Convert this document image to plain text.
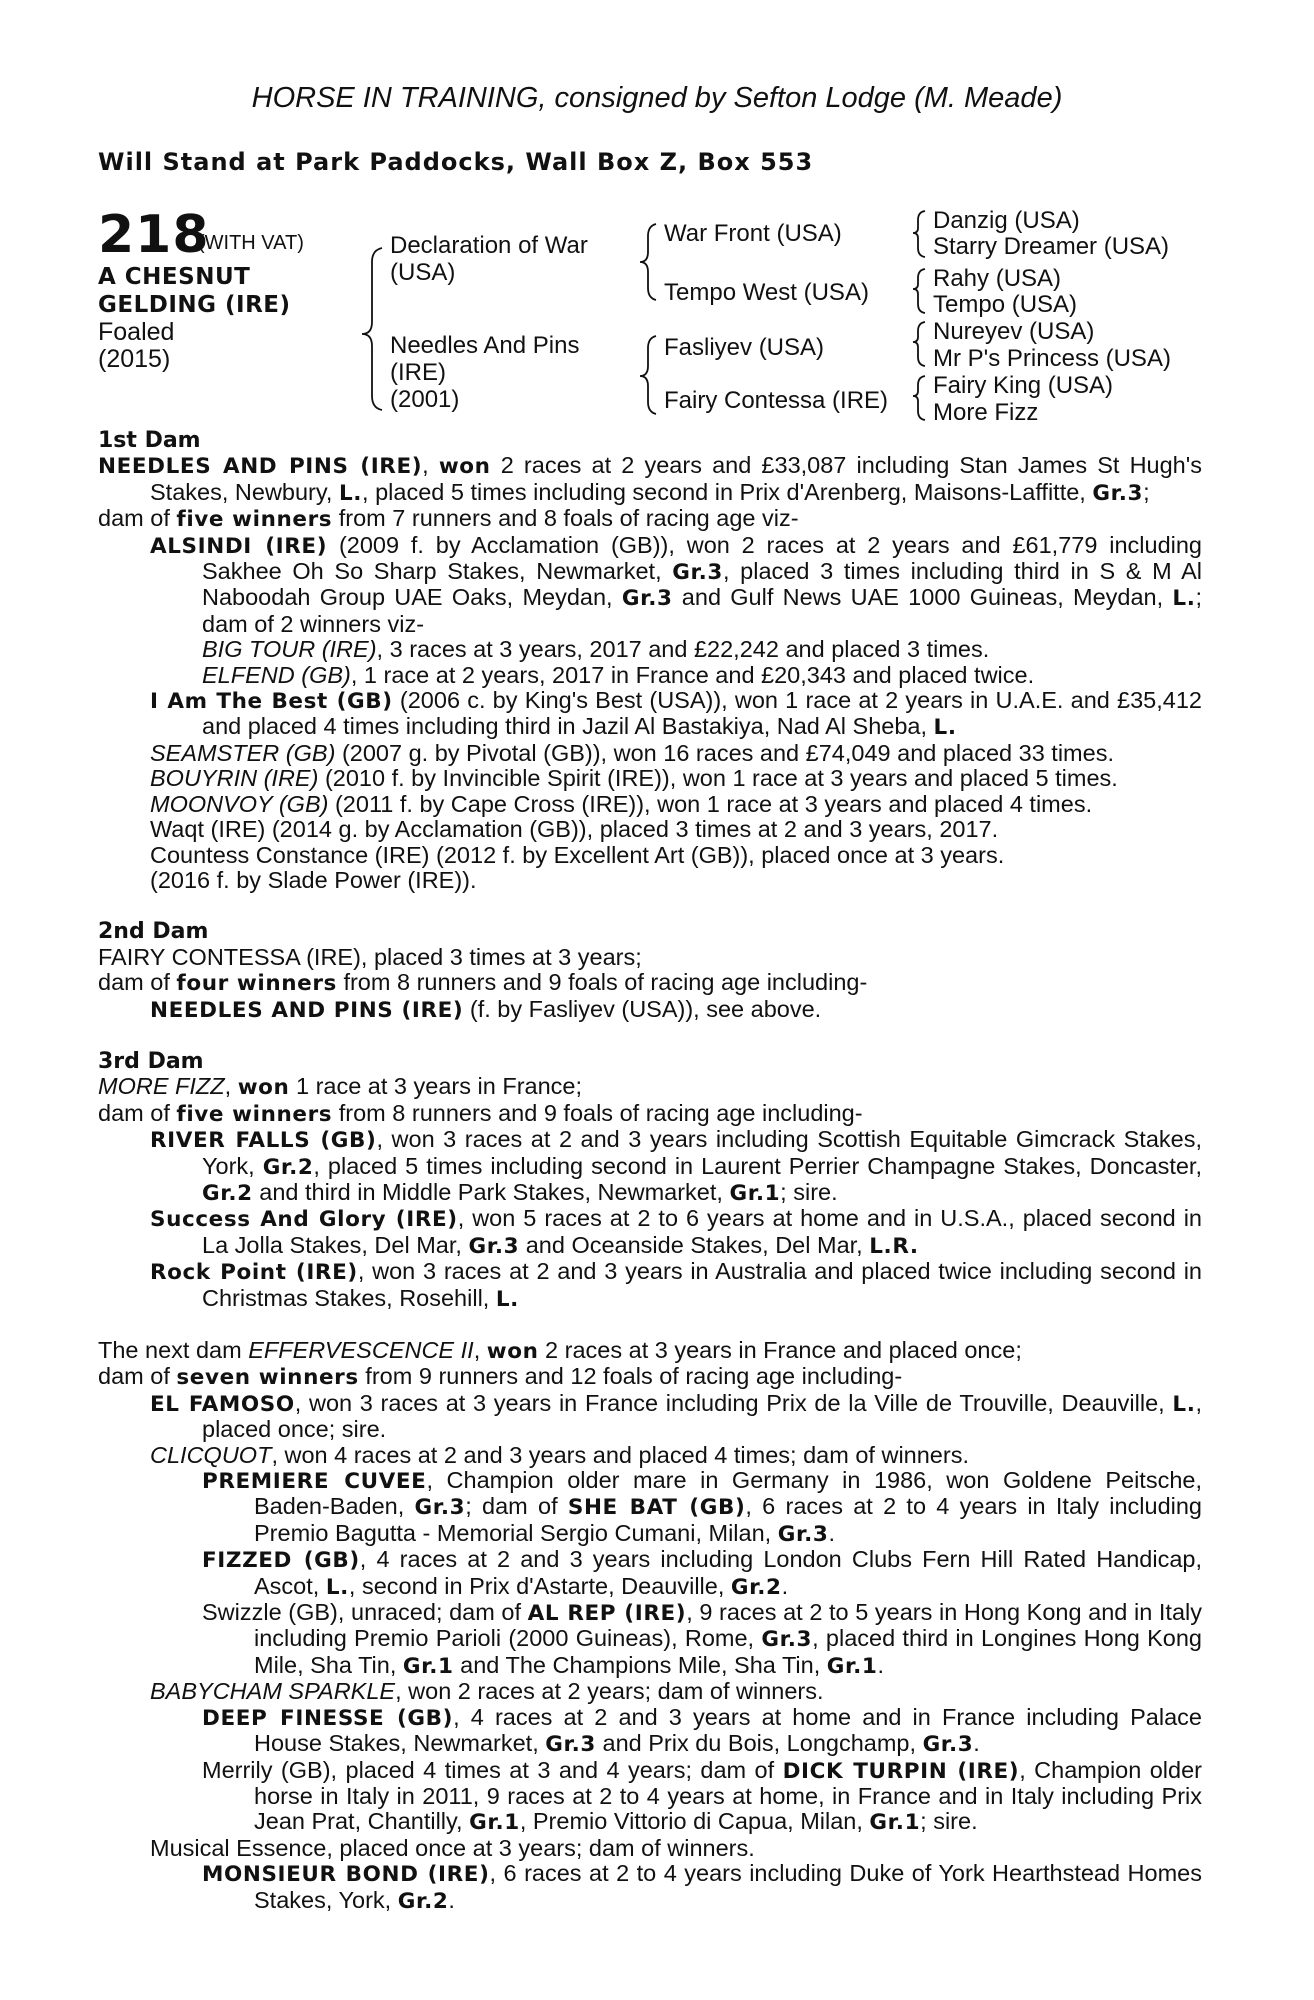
HORSE IN TRAINING, consigned by Sefton Lodge (M. Meade)
Will Stand at Park Paddocks, Wall Box Z, Box 553
218
(WITH VAT)
A CHESNUT
GELDING (IRE)
Foaled
(2015)
Declaration of War
(USA)
Needles And Pins
(IRE)
(2001)
War Front (USA)
Tempo West (USA)
Fasliyev (USA)
Fairy Contessa (IRE)
Danzig (USA)
Starry Dreamer (USA)
Rahy (USA)
Tempo (USA)
Nureyev (USA)
Mr P's Princess (USA)
Fairy King (USA)
More Fizz
1st Dam

NEEDLES AND PINS (IRE), won 2 races at 2 years and £33,087 including Stan James St Hugh's Stakes, Newbury, L., placed 5 times including second in Prix d'Arenberg, Maisons-Laffitte, Gr.3;

dam of five winners from 7 runners and 8 foals of racing age viz-

ALSINDI (IRE) (2009 f. by Acclamation (GB)), won 2 races at 2 years and £61,779 including Sakhee Oh So Sharp Stakes, Newmarket, Gr.3, placed 3 times including third in S & M Al Naboodah Group UAE Oaks, Meydan, Gr.3 and Gulf News UAE 1000 Guineas, Meydan, L.; dam of 2 winners viz-

BIG TOUR (IRE), 3 races at 3 years, 2017 and £22,242 and placed 3 times.

ELFEND (GB), 1 race at 2 years, 2017 in France and £20,343 and placed twice.

I Am The Best (GB) (2006 c. by King's Best (USA)), won 1 race at 2 years in U.A.E. and £35,412 and placed 4 times including third in Jazil Al Bastakiya, Nad Al Sheba, L.

SEAMSTER (GB) (2007 g. by Pivotal (GB)), won 16 races and £74,049 and placed 33 times.

BOUYRIN (IRE) (2010 f. by Invincible Spirit (IRE)), won 1 race at 3 years and placed 5 times.

MOONVOY (GB) (2011 f. by Cape Cross (IRE)), won 1 race at 3 years and placed 4 times.

Waqt (IRE) (2014 g. by Acclamation (GB)), placed 3 times at 2 and 3 years, 2017.

Countess Constance (IRE) (2012 f. by Excellent Art (GB)), placed once at 3 years.

(2016 f. by Slade Power (IRE)).

2nd Dam

FAIRY CONTESSA (IRE), placed 3 times at 3 years;

dam of four winners from 8 runners and 9 foals of racing age including-

NEEDLES AND PINS (IRE) (f. by Fasliyev (USA)), see above.

3rd Dam

MORE FIZZ, won 1 race at 3 years in France;

dam of five winners from 8 runners and 9 foals of racing age including-

RIVER FALLS (GB), won 3 races at 2 and 3 years including Scottish Equitable Gimcrack Stakes, York, Gr.2, placed 5 times including second in Laurent Perrier Champagne Stakes, Doncaster, Gr.2 and third in Middle Park Stakes, Newmarket, Gr.1; sire.

Success And Glory (IRE), won 5 races at 2 to 6 years at home and in U.S.A., placed second in La Jolla Stakes, Del Mar, Gr.3 and Oceanside Stakes, Del Mar, L.R.

Rock Point (IRE), won 3 races at 2 and 3 years in Australia and placed twice including second in Christmas Stakes, Rosehill, L.

The next dam EFFERVESCENCE II, won 2 races at 3 years in France and placed once;

dam of seven winners from 9 runners and 12 foals of racing age including-

EL FAMOSO, won 3 races at 3 years in France including Prix de la Ville de Trouville, Deauville, L., placed once; sire.

CLICQUOT, won 4 races at 2 and 3 years and placed 4 times; dam of winners.

PREMIERE CUVEE, Champion older mare in Germany in 1986, won Goldene Peitsche, Baden-Baden, Gr.3; dam of SHE BAT (GB), 6 races at 2 to 4 years in Italy including Premio Bagutta - Memorial Sergio Cumani, Milan, Gr.3.

FIZZED (GB), 4 races at 2 and 3 years including London Clubs Fern Hill Rated Handicap, Ascot, L., second in Prix d'Astarte, Deauville, Gr.2.

Swizzle (GB), unraced; dam of AL REP (IRE), 9 races at 2 to 5 years in Hong Kong and in Italy including Premio Parioli (2000 Guineas), Rome, Gr.3, placed third in Longines Hong Kong Mile, Sha Tin, Gr.1 and The Champions Mile, Sha Tin, Gr.1.

BABYCHAM SPARKLE, won 2 races at 2 years; dam of winners.

DEEP FINESSE (GB), 4 races at 2 and 3 years at home and in France including Palace House Stakes, Newmarket, Gr.3 and Prix du Bois, Longchamp, Gr.3.

Merrily (GB), placed 4 times at 3 and 4 years; dam of DICK TURPIN (IRE), Champion older horse in Italy in 2011, 9 races at 2 to 4 years at home, in France and in Italy including Prix Jean Prat, Chantilly, Gr.1, Premio Vittorio di Capua, Milan, Gr.1; sire.

Musical Essence, placed once at 3 years; dam of winners.

MONSIEUR BOND (IRE), 6 races at 2 to 4 years including Duke of York Hearthstead Homes Stakes, York, Gr.2.
